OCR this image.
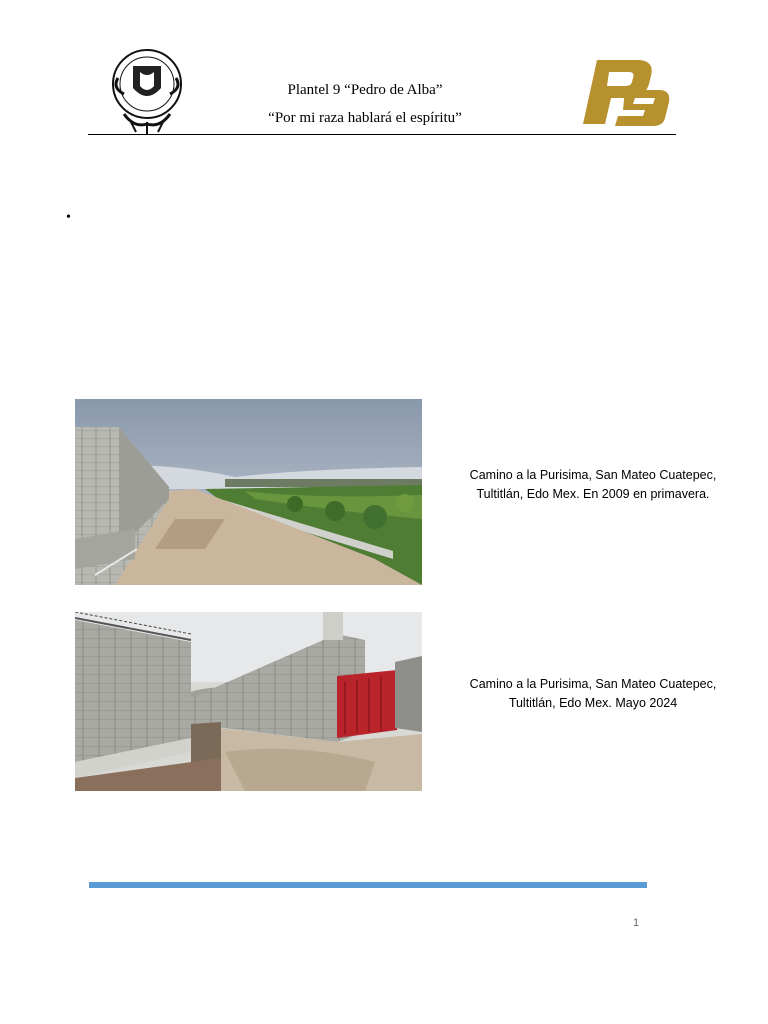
Plantel 9 “Pedro de Alba”
“Por mi raza hablará el espíritu”
•
Camino a la Purisima, San Mateo Cuatepec, Tultitlán, Edo Mex. En 2009 en primavera.
Camino a la Purisima, San Mateo Cuatepec, Tultitlán, Edo Mex. Mayo 2024
1
